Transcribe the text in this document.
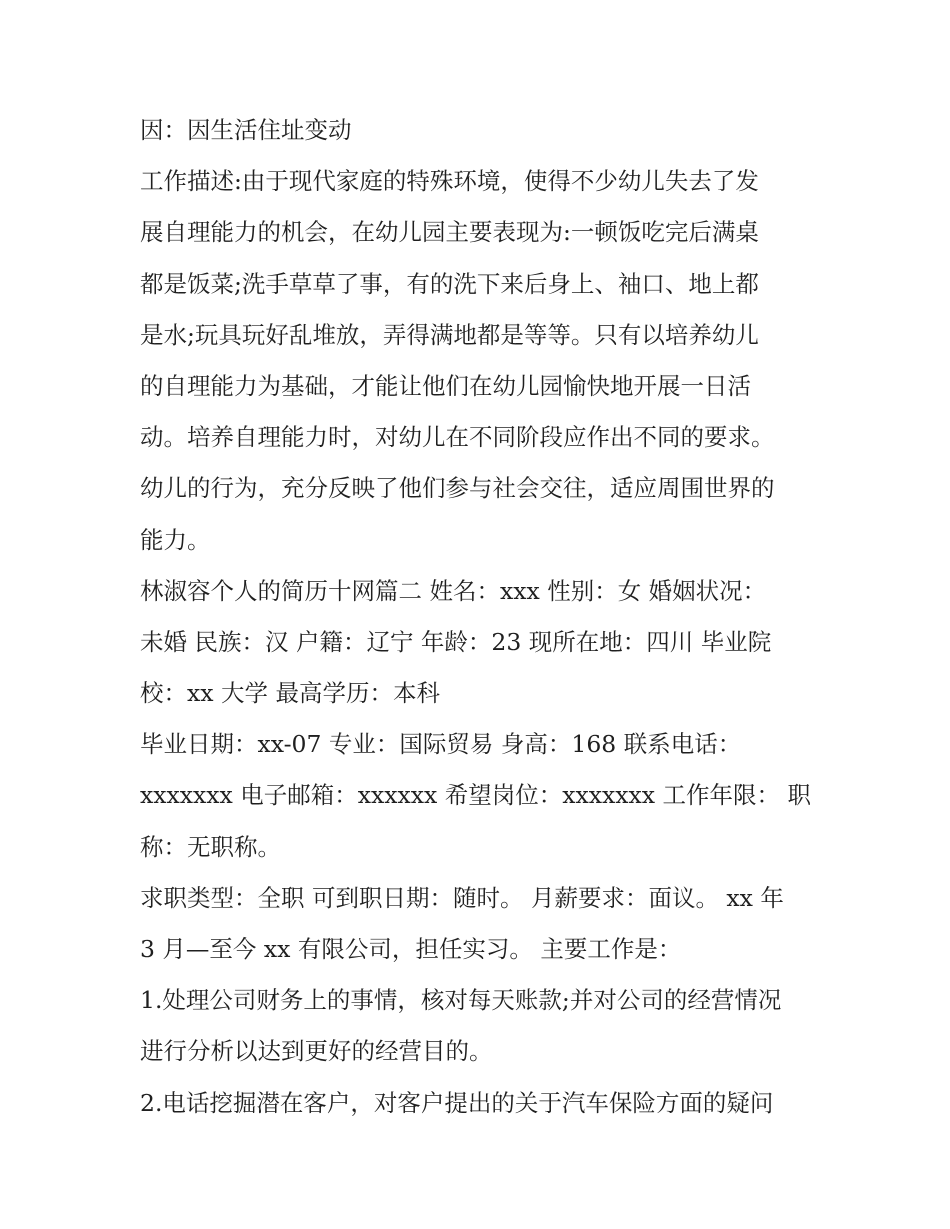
因：因生活住址变动
工作描述:由于现代家庭的特殊环境，使得不少幼儿失去了发
展自理能力的机会，在幼儿园主要表现为:一顿饭吃完后满桌
都是饭菜;洗手草草了事，有的洗下来后身上、袖口、地上都
是水;玩具玩好乱堆放，弄得满地都是等等。只有以培养幼儿
的自理能力为基础，才能让他们在幼儿园愉快地开展一日活
动。培养自理能力时，对幼儿在不同阶段应作出不同的要求。
幼儿的行为，充分反映了他们参与社会交往，适应周围世界的
能力。
林淑容个人的简历十网篇二 姓名：xxx 性别：女 婚姻状况：
未婚 民族：汉 户籍：辽宁 年龄：23 现所在地：四川 毕业院
校：xx 大学 最高学历：本科
毕业日期：xx-07 专业：国际贸易 身高：168 联系电话：
xxxxxxx 电子邮箱：xxxxxx 希望岗位：xxxxxxx 工作年限： 职
称：无职称。
求职类型：全职 可到职日期：随时。 月薪要求：面议。 xx 年
3 月—至今 xx 有限公司，担任实习。 主要工作是：
1.处理公司财务上的事情，核对每天账款;并对公司的经营情况
进行分析以达到更好的经营目的。
2.电话挖掘潜在客户，对客户提出的关于汽车保险方面的疑问
